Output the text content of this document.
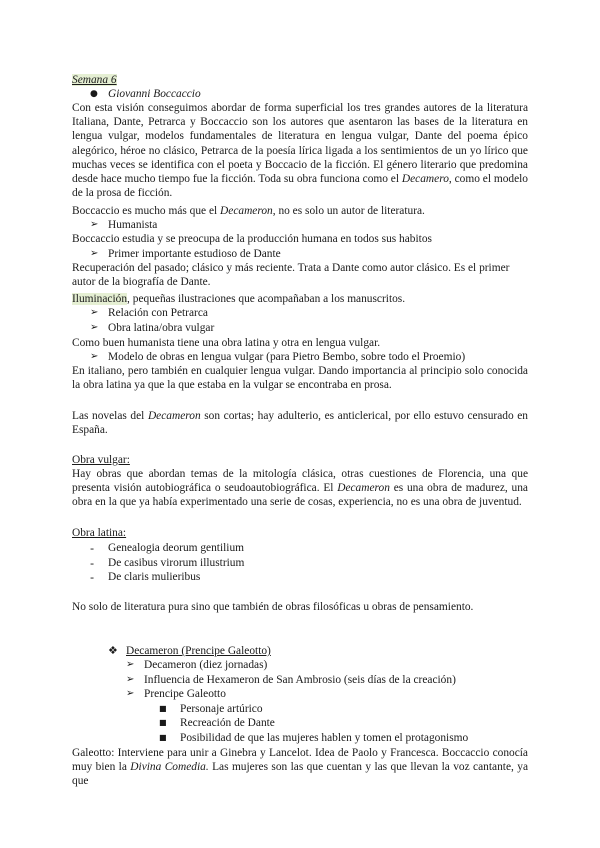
Semana 6
● Giovanni Boccaccio
Con esta visión conseguimos abordar de forma superficial los tres grandes autores de la literatura Italiana, Dante, Petrarca y Boccaccio son los autores que asentaron las bases de la literatura en lengua vulgar, modelos fundamentales de literatura en lengua vulgar, Dante del poema épico alegórico, héroe no clásico, Petrarca de la poesía lírica ligada a los sentimientos de un yo lírico que muchas veces se identifica con el poeta y Boccacio de la ficción. El género literario que predomina desde hace mucho tiempo fue la ficción. Toda su obra funciona como el Decamero, como el modelo de la prosa de ficción.
Boccaccio es mucho más que el Decameron, no es solo un autor de literatura.
➢ Humanista
Boccaccio estudia y se preocupa de la producción humana en todos sus habitos
➢ Primer importante estudioso de Dante
Recuperación del pasado; clásico y más reciente. Trata a Dante como autor clásico. Es el primer autor de la biografía de Dante.
Iluminación, pequeñas ilustraciones que acompañaban a los manuscritos.
➢ Relación con Petrarca
➢ Obra latina/obra vulgar
Como buen humanista tiene una obra latina y otra en lengua vulgar.
➢ Modelo de obras en lengua vulgar (para Pietro Bembo, sobre todo el Proemio)
En italiano, pero también en cualquier lengua vulgar. Dando importancia al principio solo conocida la obra latina ya que la que estaba en la vulgar se encontraba en prosa.
Las novelas del Decameron son cortas; hay adulterio, es anticlerical, por ello estuvo censurado en España.
Obra vulgar:
Hay obras que abordan temas de la mitología clásica, otras cuestiones de Florencia, una que presenta visión autobiográfica o seudoautobiográfica. El Decameron es una obra de madurez, una obra en la que ya había experimentado una serie de cosas, experiencia, no es una obra de juventud.
Obra latina:
- Genealogia deorum gentilium
- De casibus virorum illustrium
- De claris mulieribus
No solo de literatura pura sino que también de obras filosóficas u obras de pensamiento.
❖ Decameron (Prencipe Galeotto)
➢ Decameron (diez jornadas)
➢ Influencia de Hexameron de San Ambrosio (seis días de la creación)
➢ Prencipe Galeotto
■ Personaje artúrico
■ Recreación de Dante
■ Posibilidad de que las mujeres hablen y tomen el protagonismo
Galeotto: Interviene para unir a Ginebra y Lancelot. Idea de Paolo y Francesca. Boccaccio conocía muy bien la Divina Comedia. Las mujeres son las que cuentan y las que llevan la voz cantante, ya que
